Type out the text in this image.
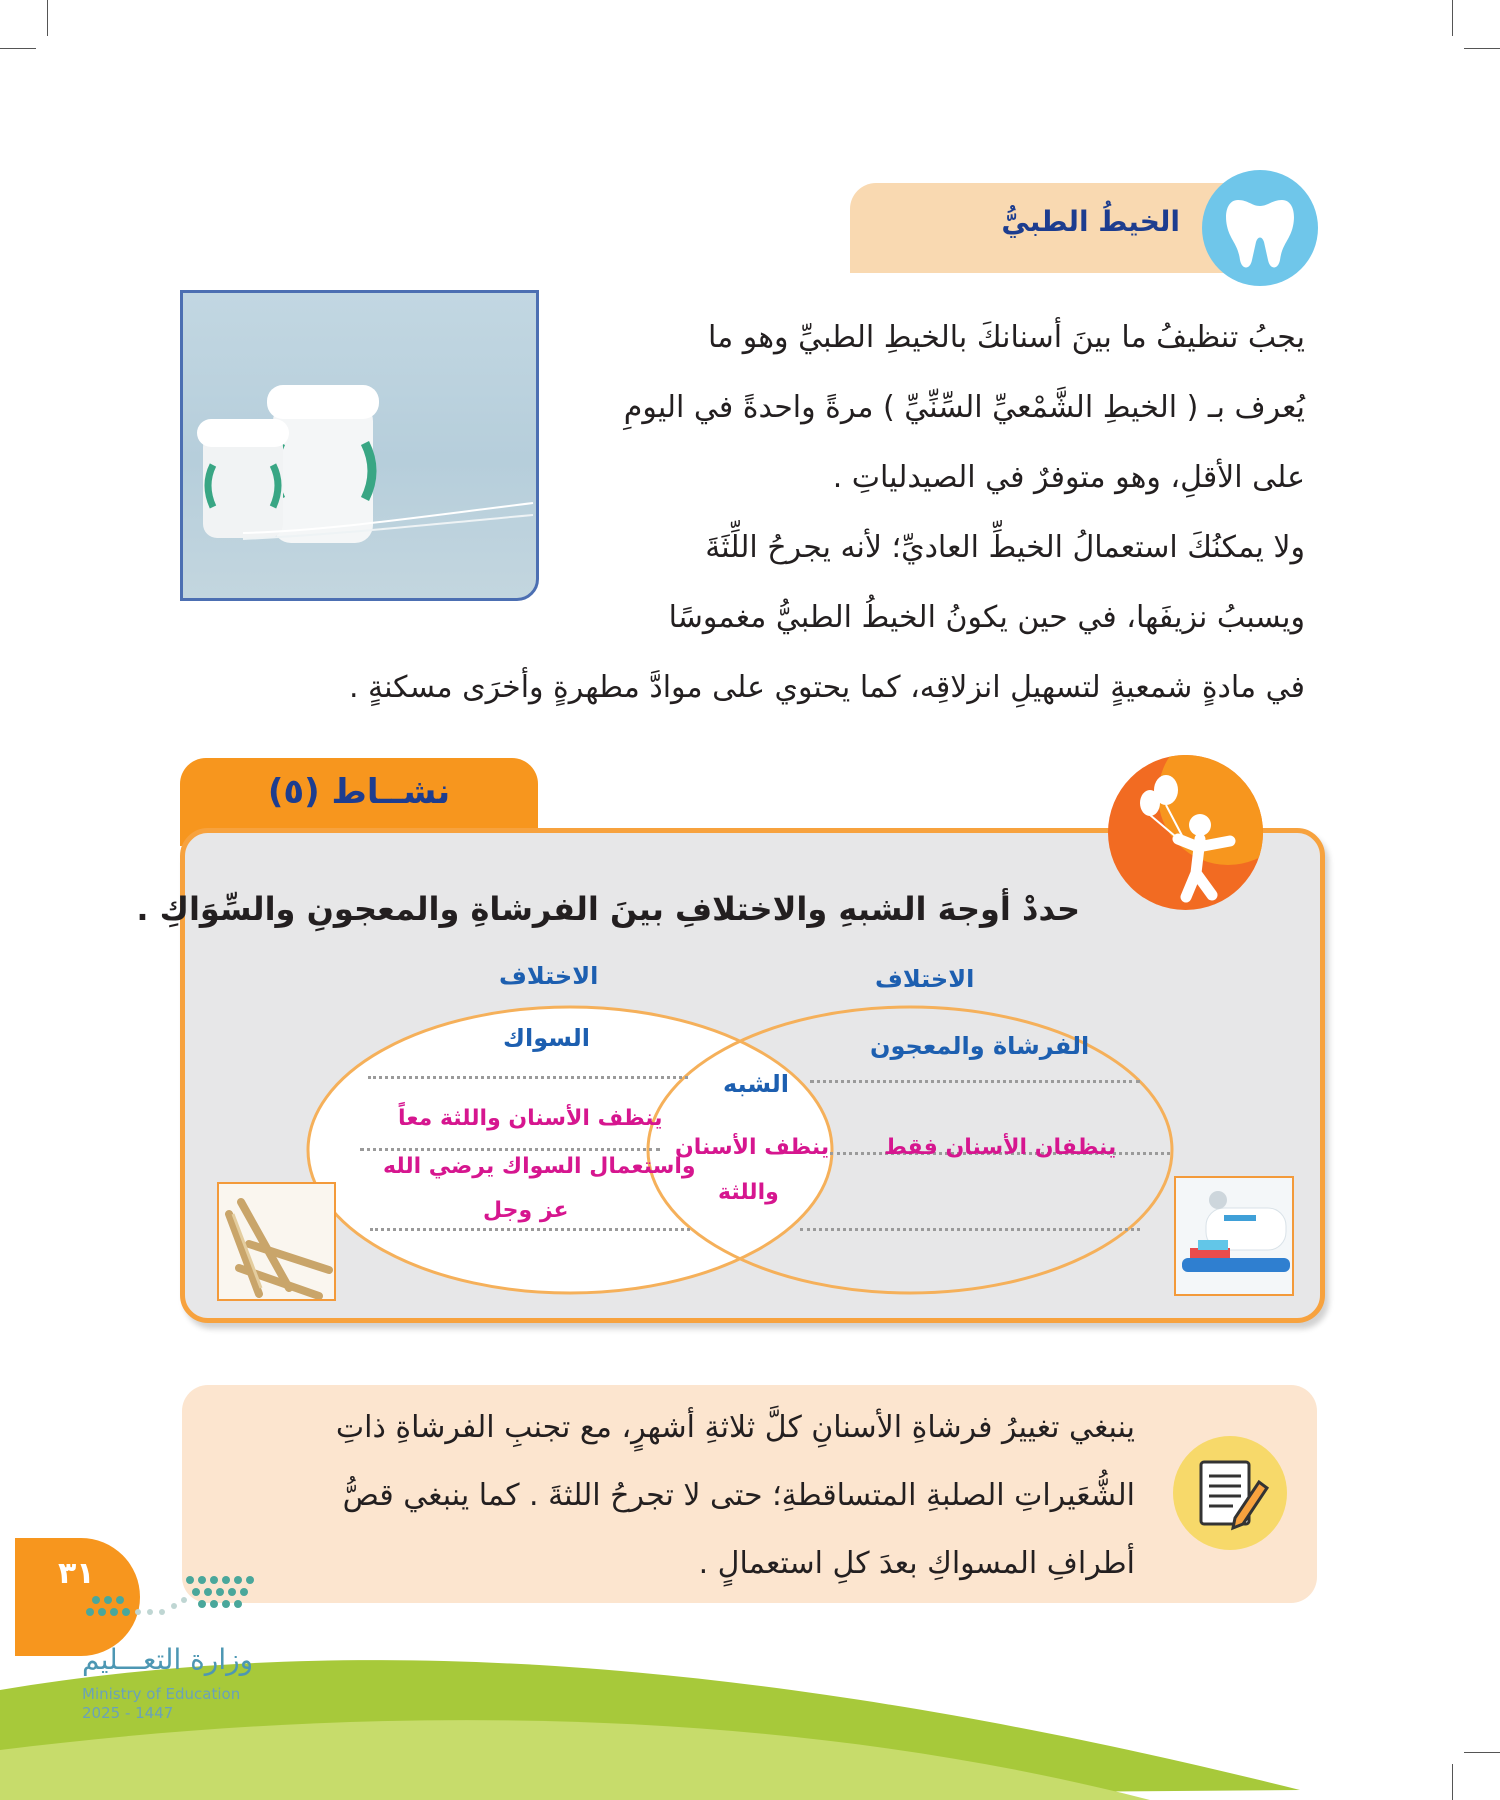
الخيطُ الطبيُّ
يجبُ تنظيفُ ما بينَ أسنانكَ بالخيطِ الطبيِّ وهو ما
يُعرف بـ ( الخيطِ الشَّمْعيِّ السِّنِّيِّ ) مرةً واحدةً في اليومِ
على الأقلِ، وهو متوفرٌ في الصيدلياتِ .
ولا يمكنُكَ استعمالُ الخيطِّ العاديِّ؛ لأنه يجرحُ اللِّثَةَ
ويسببُ نزيفَها، في حين يكونُ الخيطُ الطبيُّ مغموسًا
في مادةٍ شمعيةٍ لتسهيلِ انزلاقِه، كما يحتوي على موادَّ مطهرةٍ وأخرَى مسكنةٍ .
نشــاط (٥)
حددْ أوجهَ الشبهِ والاختلافِ بينَ الفرشاةِ والمعجونِ والسِّوَاكِ .
الاختلاف	الاختلاف
السواك	الفرشاة والمعجون
الشبه
ينظف الأسنان واللثة معاً
واستعمال السواك يرضي الله
عز وجل
ينظفان الأسنان فقط
ينظف الأسنان
واللثة
ينبغي تغييرُ فرشاةِ الأسنانِ كلَّ ثلاثةِ أشهرٍ، مع تجنبِ الفرشاةِ ذاتِ
الشُّعَيراتِ الصلبةِ المتساقطةِ؛ حتى لا تجرحُ اللثةَ . كما ينبغي قصُّ
أطرافِ المسواكِ بعدَ كلِ استعمالٍ .
٣١
وزارة التعـــليم
Ministry of Education
2025 - 1447
